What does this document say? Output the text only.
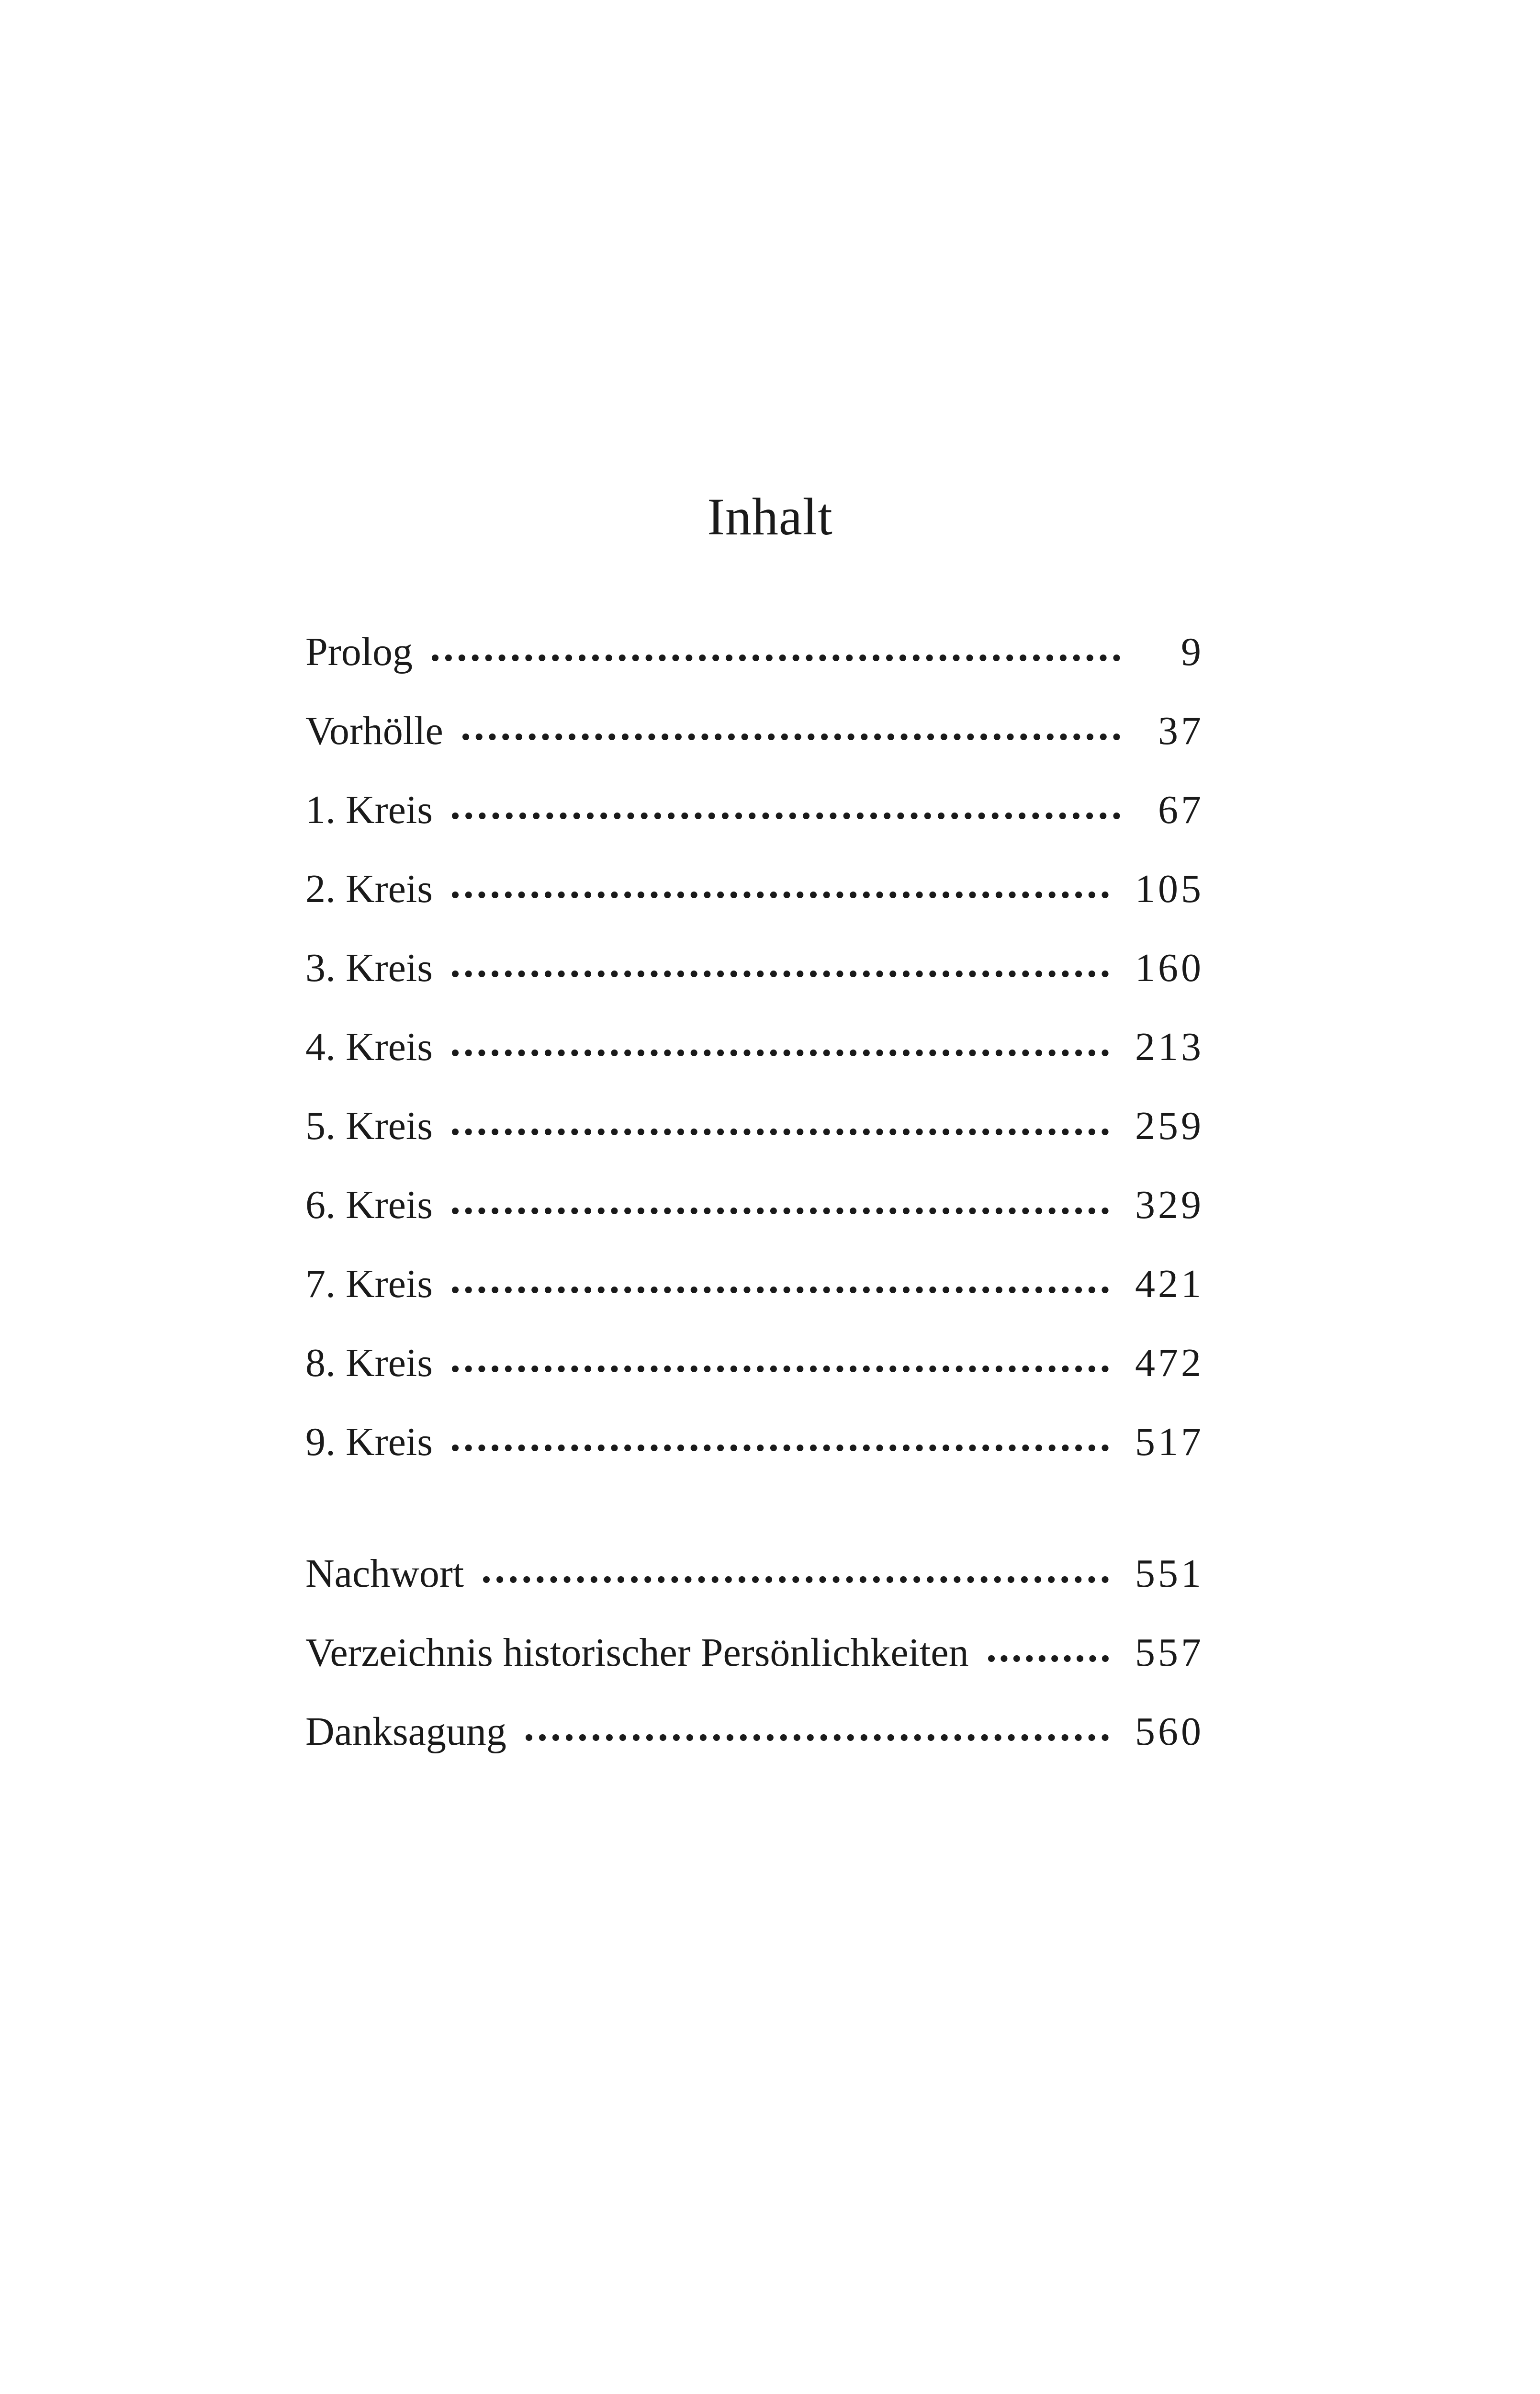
Inhalt
Prolog	9
Vorhölle	37
1. Kreis	67
2. Kreis	105
3. Kreis	160
4. Kreis	213
5. Kreis	259
6. Kreis	329
7. Kreis	421
8. Kreis	472
9. Kreis	517
Nachwort	551
Verzeichnis historischer Persönlichkeiten	557
Danksagung	560
